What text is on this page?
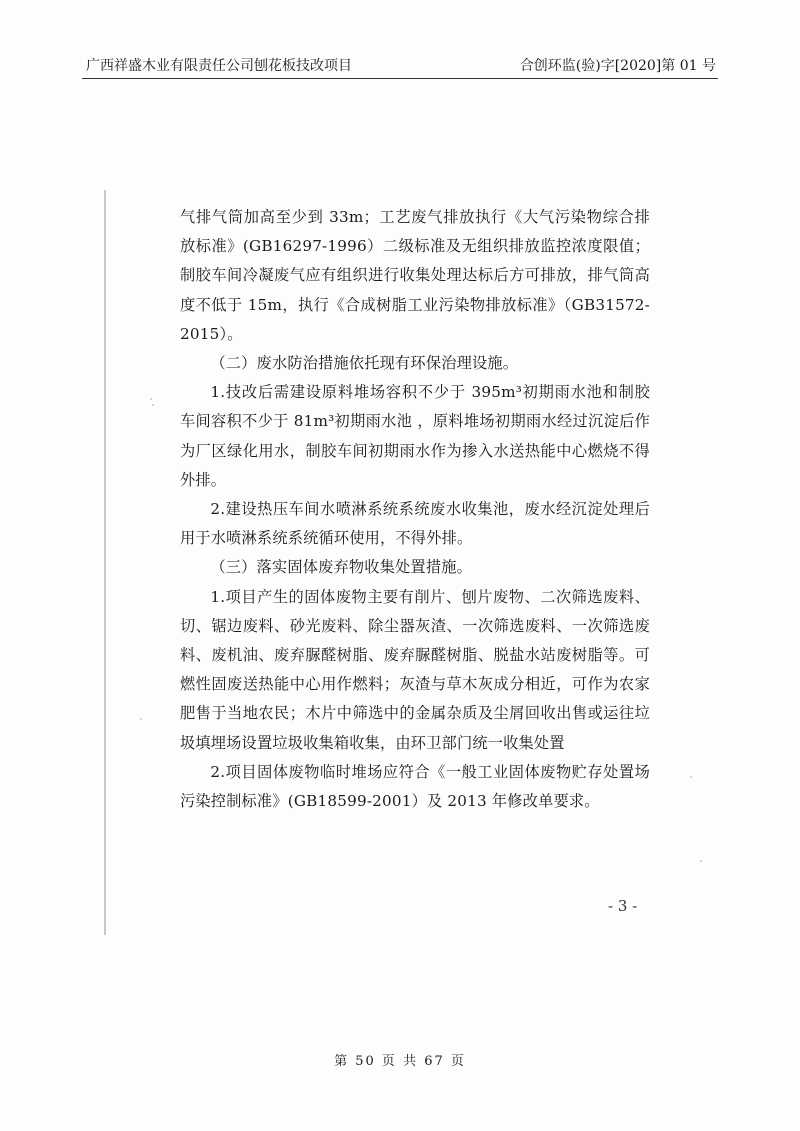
广西祥盛木业有限责任公司刨花板技改项目	合创环监(验)字[2020]第 01 号

气排气筒加高至少到 33m；工艺废气排放执行《大气污染物综合排放标准》(GB16297-1996）二级标准及无组织排放监控浓度限值；制胶车间冷凝废气应有组织进行收集处理达标后方可排放，排气筒高度不低于 15m，执行《合成树脂工业污染物排放标准》（GB31572-2015）。

（二）废水防治措施依托现有环保治理设施。

1.技改后需建设原料堆场容积不少于 395m³初期雨水池和制胶车间容积不少于 81m³初期雨水池 ，原料堆场初期雨水经过沉淀后作为厂区绿化用水，制胶车间初期雨水作为掺入水送热能中心燃烧不得外排。

2.建设热压车间水喷淋系统系统废水收集池，废水经沉淀处理后用于水喷淋系统系统循环使用，不得外排。

（三）落实固体废弃物收集处置措施。

1.项目产生的固体废物主要有削片、刨片废物、二次筛选废料、切、锯边废料、砂光废料、除尘器灰渣、一次筛选废料、一次筛选废料、废机油、废弃脲醛树脂、废弃脲醛树脂、脱盐水站废树脂等。可燃性固废送热能中心用作燃料；灰渣与草木灰成分相近，可作为农家肥售于当地农民；木片中筛选中的金属杂质及尘屑回收出售或运往垃圾填埋场设置垃圾收集箱收集，由环卫部门统一收集处置

2.项目固体废物临时堆场应符合《一般工业固体废物贮存处置场污染控制标准》(GB18599-2001）及 2013 年修改单要求。

- 3 -
第 50 页 共 67 页
